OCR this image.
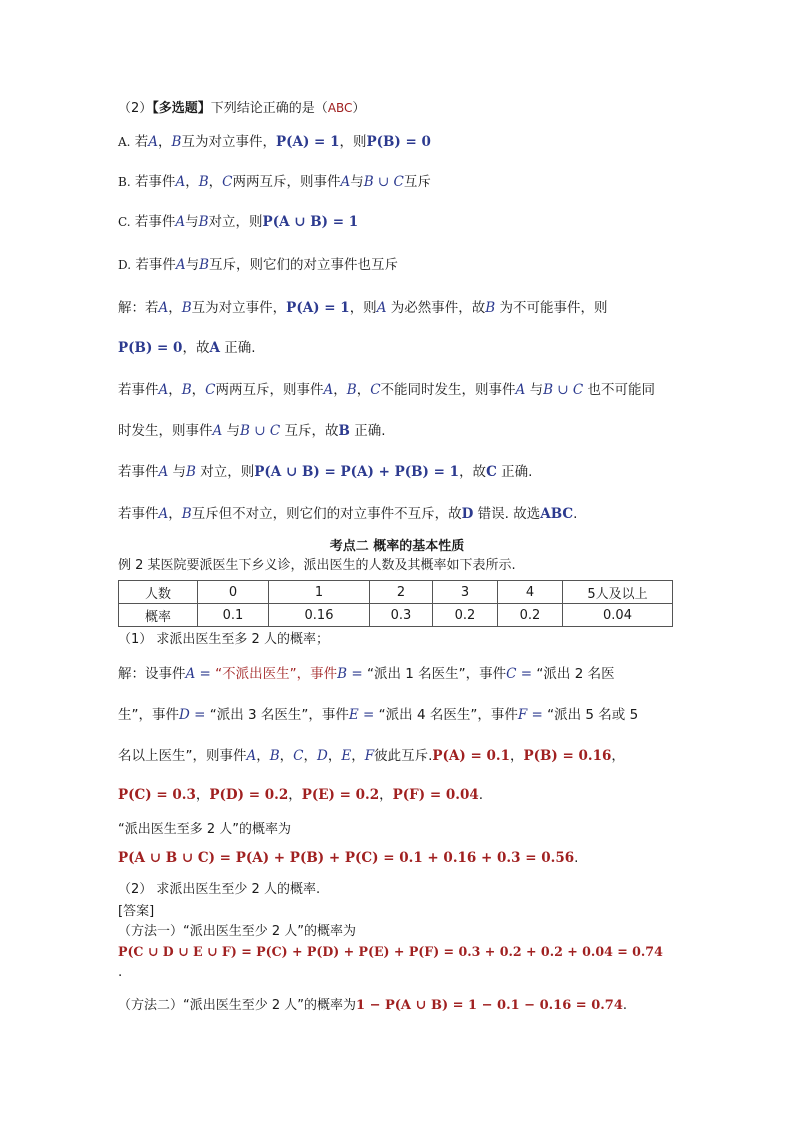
（2）【多选题】下列结论正确的是（ABC）
A. 若A，B互为对立事件，P(A) = 1，则P(B) = 0
B. 若事件A，B，C两两互斥，则事件A与B ∪ C互斥
C. 若事件A与B对立，则P(A ∪ B) = 1
D. 若事件A与B互斥，则它们的对立事件也互斥
解：若A，B互为对立事件，P(A) = 1，则A 为必然事件，故B 为不可能事件，则
P(B) = 0，故A 正确.
若事件A，B，C两两互斥，则事件A，B，C不能同时发生，则事件A 与B ∪ C 也不可能同
时发生，则事件A 与B ∪ C 互斥，故B 正确.
若事件A 与B 对立，则P(A ∪ B) = P(A) + P(B) = 1，故C 正确.
若事件A，B互斥但不对立，则它们的对立事件不互斥，故D 错误. 故选ABC.
考点二 概率的基本性质
例 2 某医院要派医生下乡义诊，派出医生的人数及其概率如下表所示.
人数	0	1	2	3	4	5人及以上
概率	0.1	0.16	0.3	0.2	0.2	0.04
（1） 求派出医生至多 2 人的概率；
解：设事件A = “不派出医生”，事件B = “派出 1 名医生”，事件C = “派出 2 名医
生”，事件D = “派出 3 名医生”，事件E = “派出 4 名医生”，事件F = “派出 5 名或 5
名以上医生”，则事件A，B，C，D，E，F彼此互斥.P(A) = 0.1，P(B) = 0.16，
P(C) = 0.3，P(D) = 0.2，P(E) = 0.2，P(F) = 0.04.
“派出医生至多 2 人”的概率为
P(A ∪ B ∪ C) = P(A) + P(B) + P(C) = 0.1 + 0.16 + 0.3 = 0.56.
（2） 求派出医生至少 2 人的概率.
[答案]
（方法一）“派出医生至少 2 人”的概率为
P(C ∪ D ∪ E ∪ F) = P(C) + P(D) + P(E) + P(F) = 0.3 + 0.2 + 0.2 + 0.04 = 0.74
.
（方法二）“派出医生至少 2 人”的概率为1 − P(A ∪ B) = 1 − 0.1 − 0.16 = 0.74.
